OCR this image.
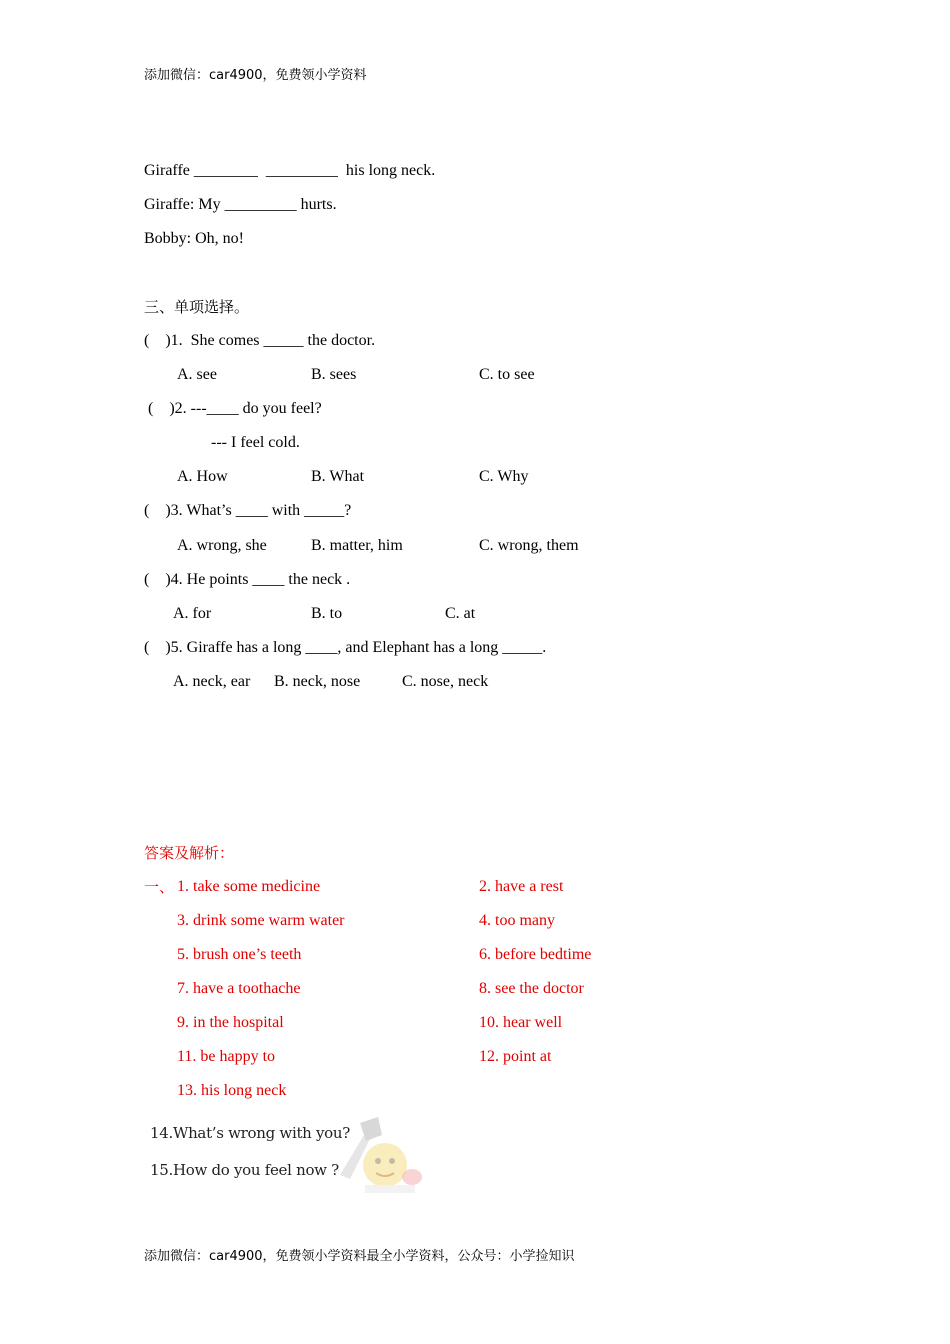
添加微信：car4900，免费领小学资料
Giraffe ________  _________  his long neck.
Giraffe: My _________ hurts.
Bobby: Oh, no!
三、单项选择。
(    )1.  She comes _____ the doctor.
A. see	B. sees	C. to see
(    )2. ---____ do you feel?
--- I feel cold.
A. How	B. What	C. Why
(    )3. What’s ____ with _____?
A. wrong, she	B. matter, him	C. wrong, them
(    )4. He points ____ the neck .
A. for	B. to	C. at
(    )5. Giraffe has a long ____, and Elephant has a long _____.
A. neck, ear B. neck, nose	C. nose, neck
答案及解析：
一、 1. take some medicine	2. have a rest
3. drink some warm water	4. too many
5. brush one’s teeth	6. before bedtime
7. have a toothache	8. see the doctor
9. in the hospital	10. hear well
11. be happy to	12. point at
13. his long neck
14.What’s wrong with you?
15.How do you feel now ?
添加微信：car4900，免费领小学资料最全小学资料，公众号：小学捡知识
